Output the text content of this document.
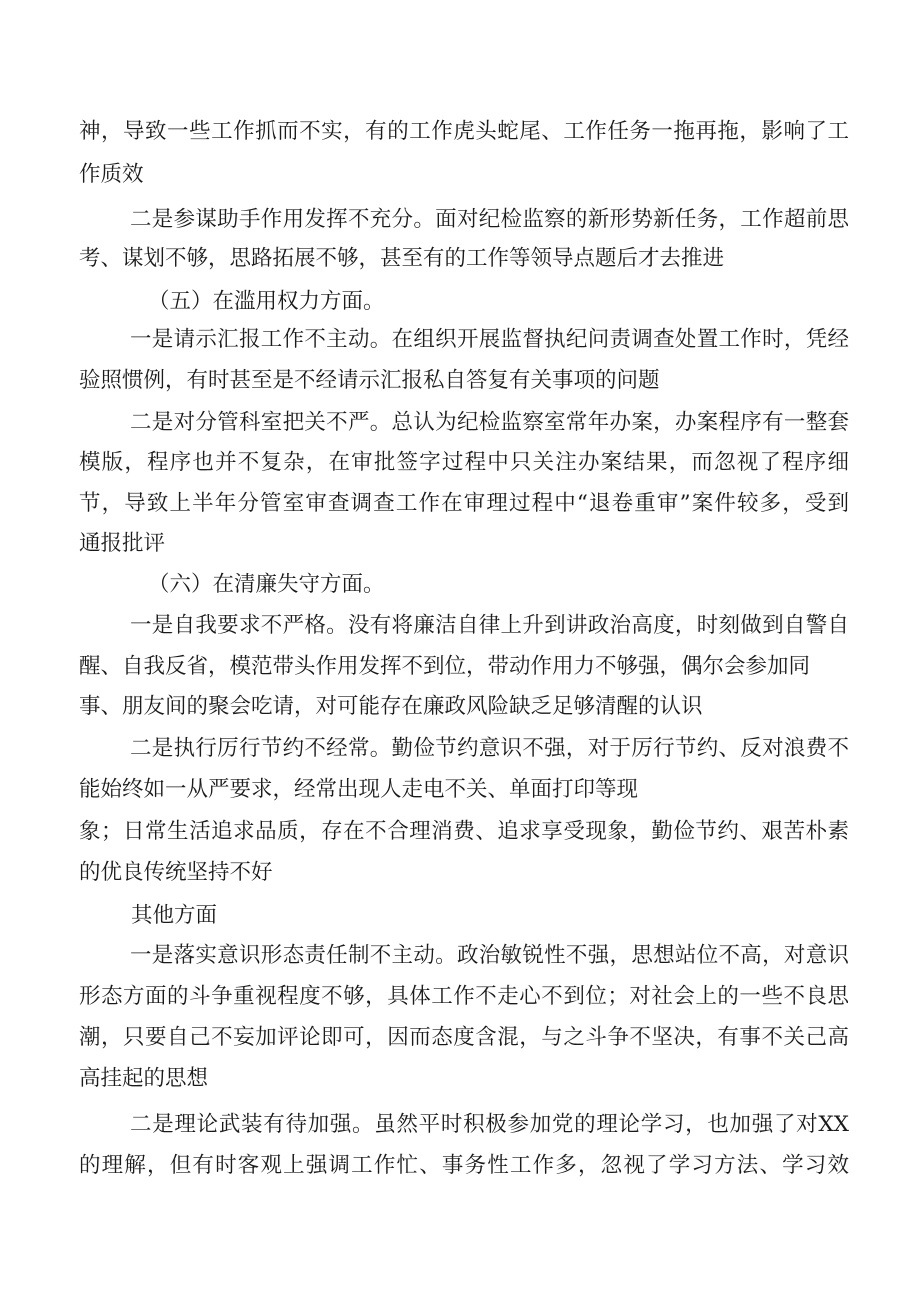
神，导致一些工作抓而不实，有的工作虎头蛇尾、工作任务一拖再拖，影响了工
作质效
二是参谋助手作用发挥不充分。面对纪检监察的新形势新任务，工作超前思
考、谋划不够，思路拓展不够，甚至有的工作等领导点题后才去推进
（五）在滥用权力方面。
一是请示汇报工作不主动。在组织开展监督执纪问责调查处置工作时，凭经
验照惯例，有时甚至是不经请示汇报私自答复有关事项的问题
二是对分管科室把关不严。总认为纪检监察室常年办案，办案程序有一整套
模版，程序也并不复杂，在审批签字过程中只关注办案结果，而忽视了程序细
节，导致上半年分管室审查调查工作在审理过程中“退卷重审”案件较多，受到
通报批评
（六）在清廉失守方面。
一是自我要求不严格。没有将廉洁自律上升到讲政治高度，时刻做到自警自
醒、自我反省，模范带头作用发挥不到位，带动作用力不够强，偶尔会参加同
事、朋友间的聚会吃请，对可能存在廉政风险缺乏足够清醒的认识
二是执行厉行节约不经常。勤俭节约意识不强，对于厉行节约、反对浪费不
能始终如一从严要求，经常出现人走电不关、单面打印等现
象；日常生活追求品质，存在不合理消费、追求享受现象，勤俭节约、艰苦朴素
的优良传统坚持不好
其他方面
一是落实意识形态责任制不主动。政治敏锐性不强，思想站位不高，对意识
形态方面的斗争重视程度不够，具体工作不走心不到位；对社会上的一些不良思
潮，只要自己不妄加评论即可，因而态度含混，与之斗争不坚决，有事不关己高
高挂起的思想
二是理论武装有待加强。虽然平时积极参加党的理论学习，也加强了对XX
的理解，但有时客观上强调工作忙、事务性工作多，忽视了学习方法、学习效
